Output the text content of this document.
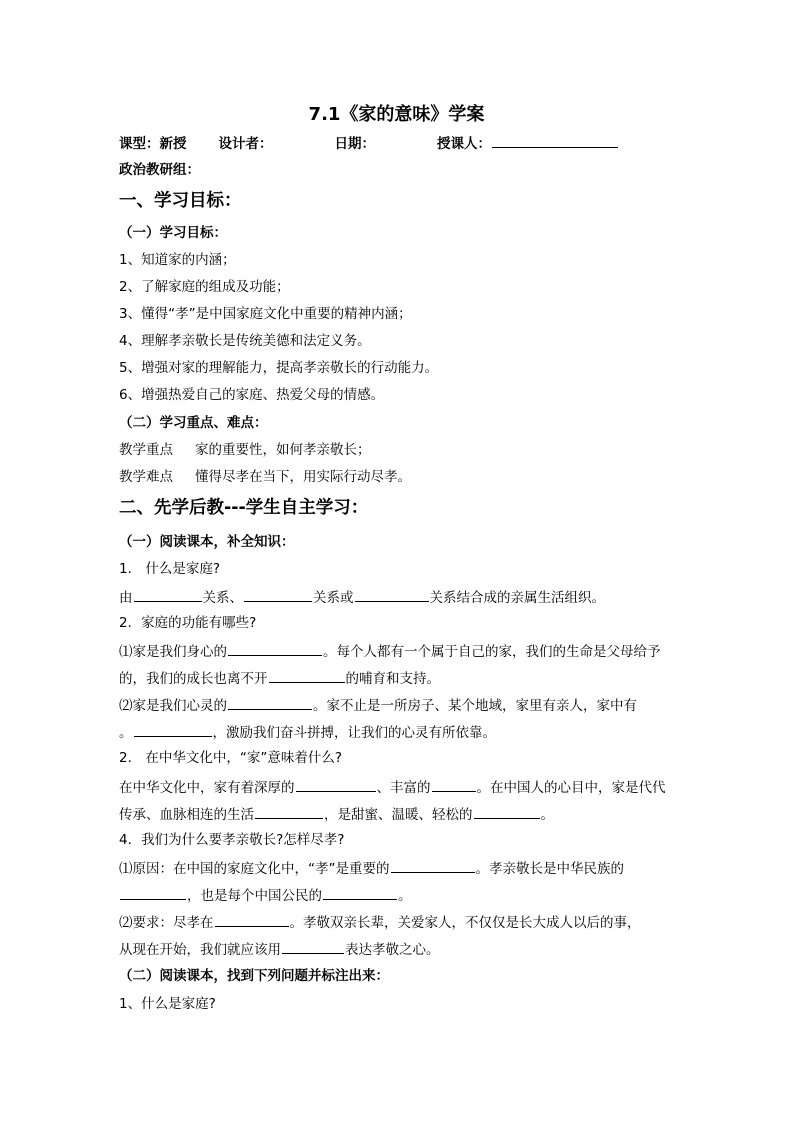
7.1《家的意味》学案
课型：新授 设计者：	日期：	授课人：
政治教研组：
一、学习目标：
（一）学习目标：
1、知道家的内涵；
2、了解家庭的组成及功能；
3、懂得“孝”是中国家庭文化中重要的精神内涵；
4、理解孝亲敬长是传统美德和法定义务。
5、增强对家的理解能力，提高孝亲敬长的行动能力。
6、增强热爱自己的家庭、热爱父母的情感。
（二）学习重点、难点：
教学重点 家的重要性，如何孝亲敬长；
教学难点 懂得尽孝在当下，用实际行动尽孝。
二、先学后教---学生自主学习：
（一）阅读课本，补全知识：
1． 什么是家庭?
由	关系、	关系或	关系结合成的亲属生活组织。
2．家庭的功能有哪些?
⑴家是我们身心的	。每个人都有一个属于自己的家，我们的生命是父母给予
的，我们的成长也离不开	的哺育和支持。
⑵家是我们心灵的	。家不止是一所房子、某个地域，家里有亲人，家中有
。	，激励我们奋斗拼搏，让我们的心灵有所依靠。
2． 在中华文化中，“家”意味着什么?
在中华文化中，家有着深厚的	、丰富的	。在中国人的心目中，家是代代
传承、血脉相连的生活	，是甜蜜、温暖、轻松的	。
4．我们为什么要孝亲敬长?怎样尽孝?
⑴原因：在中国的家庭文化中，“孝”是重要的	。孝亲敬长是中华民族的
，也是每个中国公民的	。
⑵要求：尽孝在	。孝敬双亲长辈，关爱家人，不仅仅是长大成人以后的事，
从现在开始，我们就应该用	表达孝敬之心。
（二）阅读课本，找到下列问题并标注出来：
1、什么是家庭?
